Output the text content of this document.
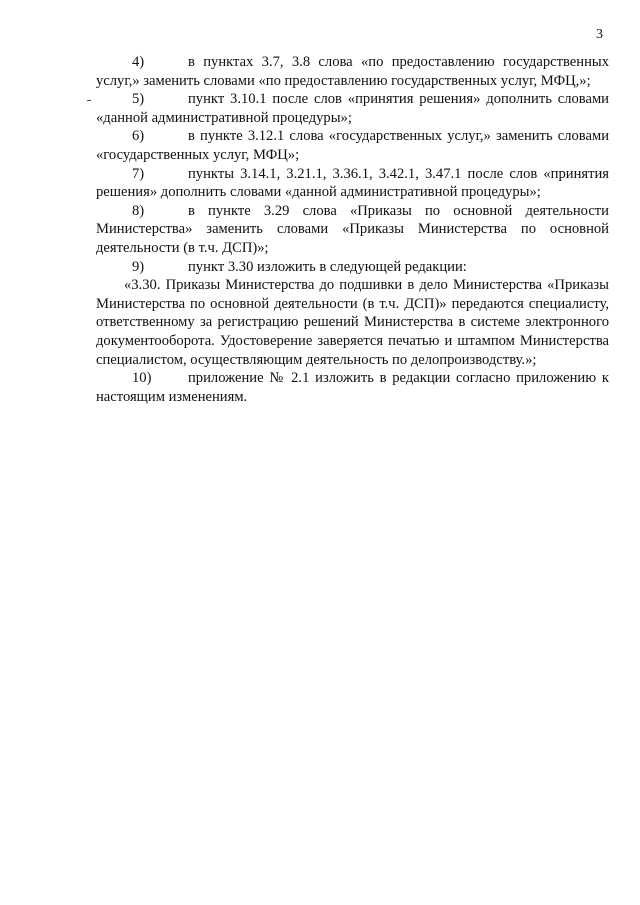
3

4)	в пунктах 3.7, 3.8 слова «по предоставлению государственных услуг,» заменить словами «по предоставлению государственных услуг, МФЦ,»;

5)	пункт 3.10.1 после слов «принятия решения» дополнить словами «данной административной процедуры»;

6)	в пункте 3.12.1 слова «государственных услуг,» заменить словами «государственных услуг, МФЦ»;

7)	пункты 3.14.1, 3.21.1, 3.36.1, 3.42.1, 3.47.1 после слов «принятия решения» дополнить словами «данной административной процедуры»;

8)	в пункте 3.29 слова «Приказы по основной деятельности Министерства» заменить словами «Приказы Министерства по основной деятельности (в т.ч. ДСП)»;

9)	пункт 3.30 изложить в следующей редакции:

«3.30. Приказы Министерства до подшивки в дело Министерства «Приказы Министерства по основной деятельности (в т.ч. ДСП)» передаются специалисту, ответственному за регистрацию решений Министерства в системе электронного документооборота. Удостоверение заверяется печатью и штампом Министерства специалистом, осуществляющим деятельность по делопроизводству.»;

10)	приложение № 2.1 изложить в редакции согласно приложению к настоящим изменениям.
